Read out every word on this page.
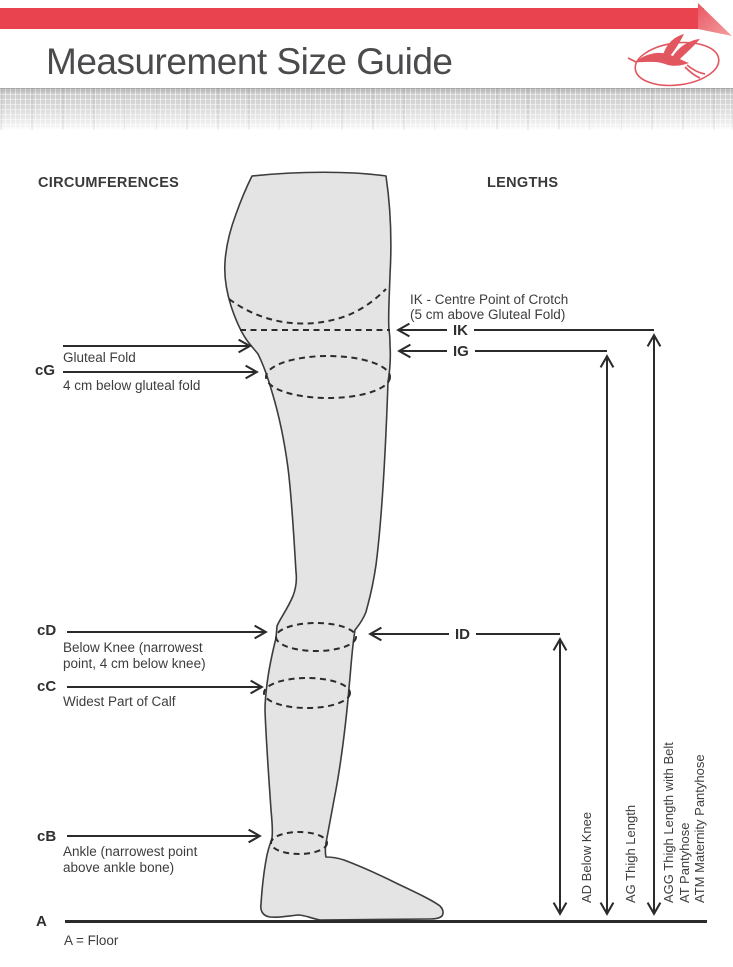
Measurement Size Guide
CIRCUMFERENCES	LENGTHS
Gluteal Fold
cG
4 cm below gluteal fold
cD
Below Knee (narrowest point, 4 cm below knee)
cC
Widest Part of Calf
cB
Ankle (narrowest point above ankle bone)
A
A = Floor
IK - Centre Point of Crotch
(5 cm above Gluteal Fold)
IK
IG
ID
AD Below Knee AG Thigh Length AGG Thigh Length with Belt AT Pantyhose ATM Maternity Pantyhose
